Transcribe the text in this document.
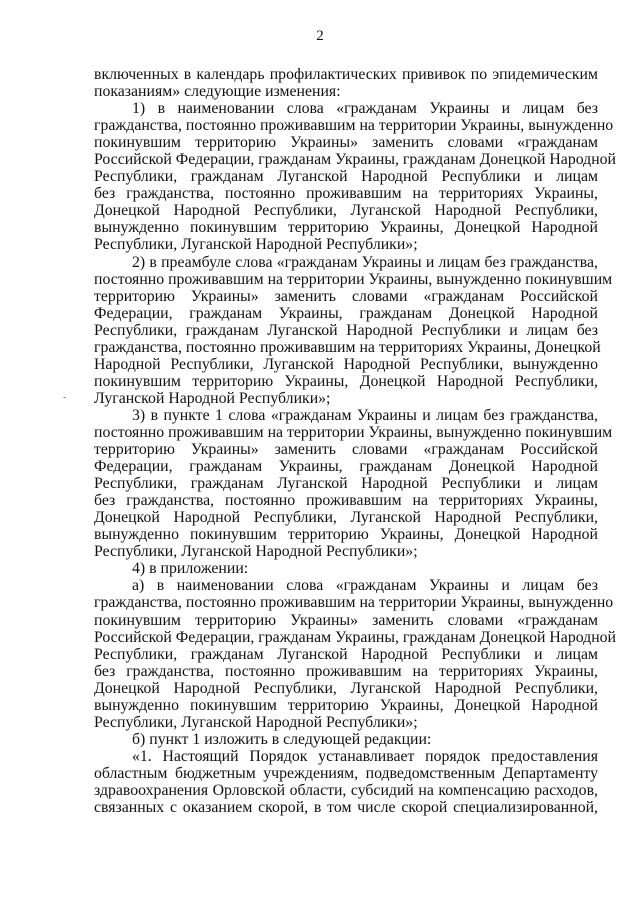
2
-
включенных в календарь профилактических прививок по эпидемическим
показаниям» следующие изменения:
1) в наименовании слова «гражданам Украины и лицам без
гражданства, постоянно проживавшим на территории Украины, вынужденно
покинувшим территорию Украины» заменить словами «гражданам
Российской Федерации, гражданам Украины, гражданам Донецкой Народной
Республики, гражданам Луганской Народной Республики и лицам
без гражданства, постоянно проживавшим на территориях Украины,
Донецкой Народной Республики, Луганской Народной Республики,
вынужденно покинувшим территорию Украины, Донецкой Народной
Республики, Луганской Народной Республики»;
2) в преамбуле слова «гражданам Украины и лицам без гражданства,
постоянно проживавшим на территории Украины, вынужденно покинувшим
территорию Украины» заменить словами «гражданам Российской
Федерации, гражданам Украины, гражданам Донецкой Народной
Республики, гражданам Луганской Народной Республики и лицам без
гражданства, постоянно проживавшим на территориях Украины, Донецкой
Народной Республики, Луганской Народной Республики, вынужденно
покинувшим территорию Украины, Донецкой Народной Республики,
Луганской Народной Республики»;
3) в пункте 1 слова «гражданам Украины и лицам без гражданства,
постоянно проживавшим на территории Украины, вынужденно покинувшим
территорию Украины» заменить словами «гражданам Российской
Федерации, гражданам Украины, гражданам Донецкой Народной
Республики, гражданам Луганской Народной Республики и лицам
без гражданства, постоянно проживавшим на территориях Украины,
Донецкой Народной Республики, Луганской Народной Республики,
вынужденно покинувшим территорию Украины, Донецкой Народной
Республики, Луганской Народной Республики»;
4) в приложении:
а) в наименовании слова «гражданам Украины и лицам без
гражданства, постоянно проживавшим на территории Украины, вынужденно
покинувшим территорию Украины» заменить словами «гражданам
Российской Федерации, гражданам Украины, гражданам Донецкой Народной
Республики, гражданам Луганской Народной Республики и лицам
без гражданства, постоянно проживавшим на территориях Украины,
Донецкой Народной Республики, Луганской Народной Республики,
вынужденно покинувшим территорию Украины, Донецкой Народной
Республики, Луганской Народной Республики»;
б) пункт 1 изложить в следующей редакции:
«1. Настоящий Порядок устанавливает порядок предоставления
областным бюджетным учреждениям, подведомственным Департаменту
здравоохранения Орловской области, субсидий на компенсацию расходов,
связанных с оказанием скорой, в том числе скорой специализированной,
